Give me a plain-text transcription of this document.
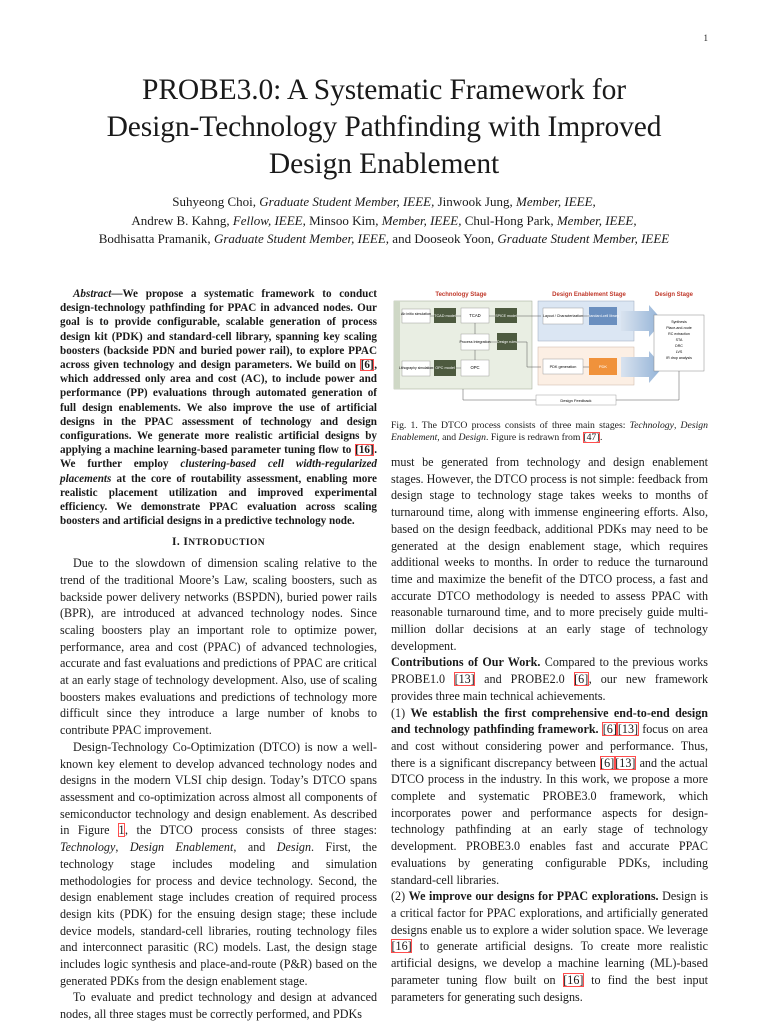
1
PROBE3.0: A Systematic Framework for
Design-Technology Pathfinding with Improved
Design Enablement
Suhyeong Choi, Graduate Student Member, IEEE, Jinwook Jung, Member, IEEE,
Andrew B. Kahng, Fellow, IEEE, Minsoo Kim, Member, IEEE, Chul-Hong Park, Member, IEEE,
Bodhisatta Pramanik, Graduate Student Member, IEEE, and Dooseok Yoon, Graduate Student Member, IEEE

Abstract—We propose a systematic framework to conduct design-technology pathfinding for PPAC in advanced nodes. Our goal is to provide configurable, scalable generation of process design kit (PDK) and standard-cell library, spanning key scaling boosters (backside PDN and buried power rail), to explore PPAC across given technology and design parameters. We build on [6], which addressed only area and cost (AC), to include power and performance (PP) evaluations through automated generation of full design enablements. We also improve the use of artificial designs in the PPAC assessment of technology and design configurations. We generate more realistic artificial designs by applying a machine learning-based parameter tuning flow to [16]. We further employ clustering-based cell width-regularized placements at the core of routability assessment, enabling more realistic placement utilization and improved experimental efficiency. We demonstrate PPAC evaluation across scaling boosters and artificial designs in a predictive technology node.

I. INTRODUCTION

Due to the slowdown of dimension scaling relative to the trend of the traditional Moore’s Law, scaling boosters, such as backside power delivery networks (BSPDN), buried power rails (BPR), are introduced at advanced technology nodes. Since scaling boosters play an important role to optimize power, performance, area and cost (PPAC) of advanced technologies, accurate and fast evaluations and predictions of PPAC are critical at an early stage of technology development. Also, use of scaling boosters makes evaluations and predictions of technology more difficult since they introduce a large number of knobs to contribute PPAC improvement.

Design-Technology Co-Optimization (DTCO) is now a well-known key element to develop advanced technology nodes and designs in the modern VLSI chip design. Today’s DTCO spans assessment and co-optimization across almost all components of semiconductor technology and design enablement. As described in Figure 1, the DTCO process consists of three stages: Technology, Design Enablement, and Design. First, the technology stage includes modeling and simulation methodologies for process and device technology. Second, the design enablement stage includes creation of required process design kits (PDK) for the ensuing design stage; these include device models, standard-cell libraries, routing technology files and interconnect parasitic (RC) models. Last, the design stage includes logic synthesis and place-and-route (P&R) based on the generated PDKs from the design enablement stage.

To evaluate and predict technology and design at advanced nodes, all three stages must be correctly performed, and PDKs

Technology Stage	Design Enablement Stage	Design Stage
Ab initio simulation TCAD model	TCAD	SPICE model
Process Integration Design rules
Lithography simulation OPC model	OPC
Layout / Characterization Standard-cell library
PDK generation	PDK
Synthesis
Place-and-route
RC extraction
STA
DRC
LVS
IR drop analysis
Design Feedback

Fig. 1. The DTCO process consists of three main stages: Technology, Design Enablement, and Design. Figure is redrawn from [47].

must be generated from technology and design enablement stages. However, the DTCO process is not simple: feedback from design stage to technology stage takes weeks to months of turnaround time, along with immense engineering efforts. Also, based on the design feedback, additional PDKs may need to be generated at the design enablement stage, which requires additional weeks to months. In order to reduce the turnaround time and maximize the benefit of the DTCO process, a fast and accurate DTCO methodology is needed to assess PPAC with reasonable turnaround time, and to more precisely guide multi-million dollar decisions at an early stage of technology development.

Contributions of Our Work. Compared to the previous works PROBE1.0 [13] and PROBE2.0 [6], our new framework provides three main technical achievements.

(1) We establish the first comprehensive end-to-end design and technology pathfinding framework. [6][13] focus on area and cost without considering power and performance. Thus, there is a significant discrepancy between [6][13] and the actual DTCO process in the industry. In this work, we propose a more complete and systematic PROBE3.0 framework, which incorporates power and performance aspects for design-technology pathfinding at an early stage of technology development. PROBE3.0 enables fast and accurate PPAC evaluations by generating configurable PDKs, including standard-cell libraries.

(2) We improve our designs for PPAC explorations. Design is a critical factor for PPAC explorations, and artificially generated designs enable us to explore a wider solution space. We leverage [16] to generate artificial designs. To create more realistic artificial designs, we develop a machine learning (ML)-based parameter tuning flow built on [16] to find the best input parameters for generating such designs.
